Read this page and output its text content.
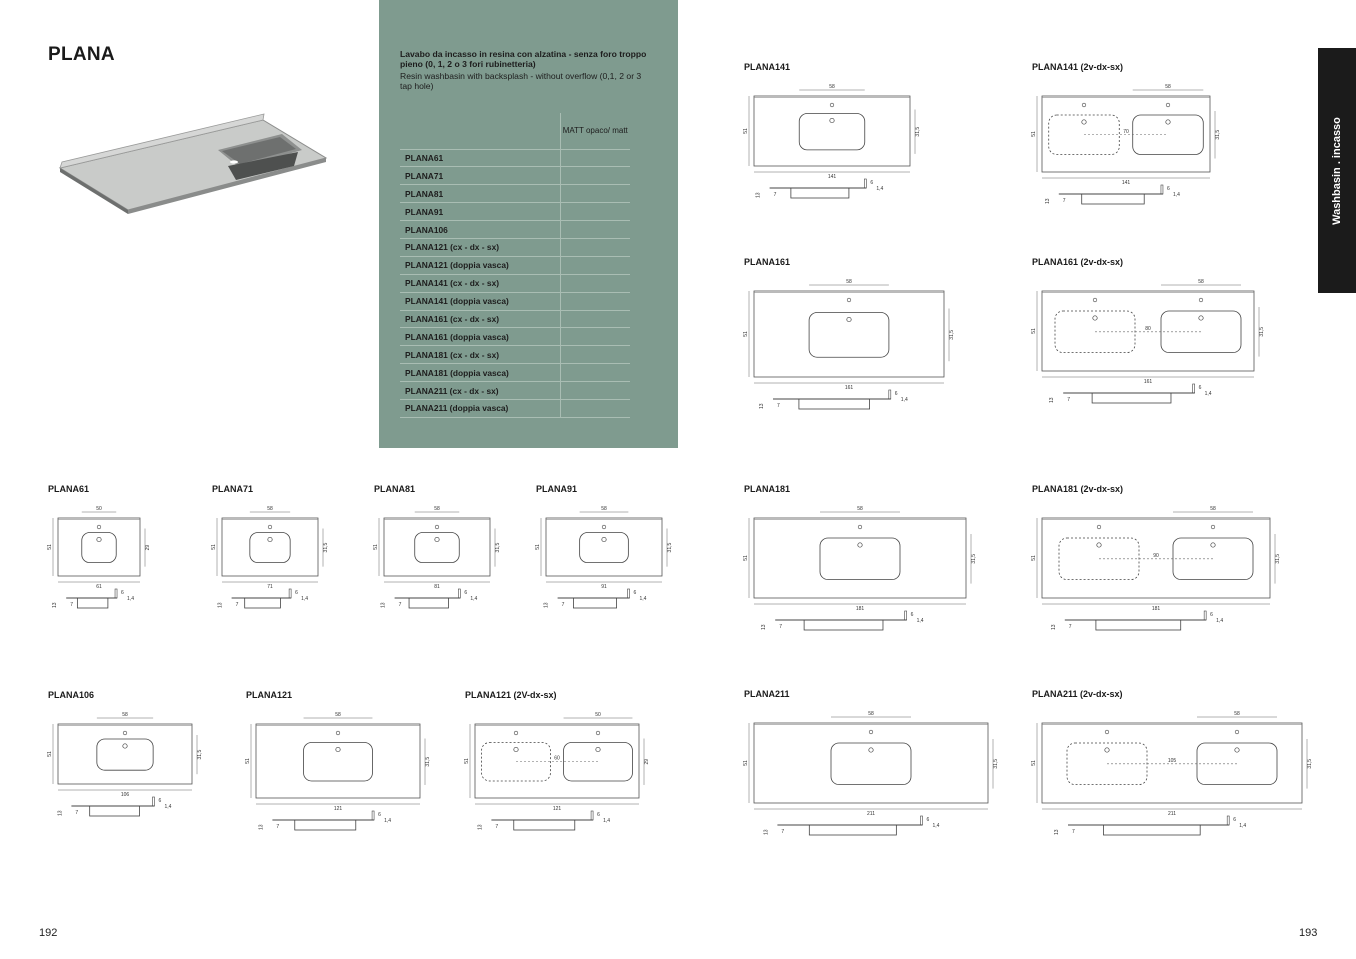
PLANA	Lavabo da incasso in resina con alzatina - senza foro troppo pieno (0, 1, 2 o 3 fori rubinetteria)
Resin washbasin with backsplash - without overflow (0,1, 2 or 3 tap hole)
	MATT opaco/ matt
PLANA61	
PLANA71	
PLANA81	
PLANA91	
PLANA106	
PLANA121 (cx - dx - sx)	
PLANA121 (doppia vasca)	
PLANA141 (cx - dx - sx)	
PLANA141 (doppia vasca)	
PLANA161 (cx - dx - sx)	
PLANA161 (doppia vasca)	
PLANA181 (cx - dx - sx)	
PLANA181 (doppia vasca)	
PLANA211 (cx - dx - sx)	
PLANA211 (doppia vasca)	
Washbasin . incasso
192	193
PLANA61
50
61
51	29
6
1,4
13 7
PLANA71
58
71
51	31,5
6
1,4
13 7
PLANA81
58
81
51	31,5
6
1,4
13 7
PLANA91
58
91
51	31,5
6
1,4
13 7
PLANA106
58
106
51	31,5
6
1,4
13 7
PLANA121
58
121
51	31,5
6
1,4
13 7
PLANA121 (2V-dx-sx)
60
50
121
51	29
6
1,4
13 7
PLANA141
58
141
51	31,5
6
1,4
13 7
PLANA141 (2v-dx-sx)
70
58
141
51	31,5
6
1,4
13 7
PLANA161
58
161
51	31,5
6
1,4
13 7
PLANA161 (2v-dx-sx)
80
58
161
51	31,5
6
1,4
13 7
PLANA181
58
181
51	31,5
6
1,4
13 7
PLANA181 (2v-dx-sx)
90
58
181
51	31,5
6
1,4
13 7
PLANA211
58
211
51	31,5
6
1,4
13 7
PLANA211 (2v-dx-sx)
105
58
211
51	31,5
6
1,4
13 7
